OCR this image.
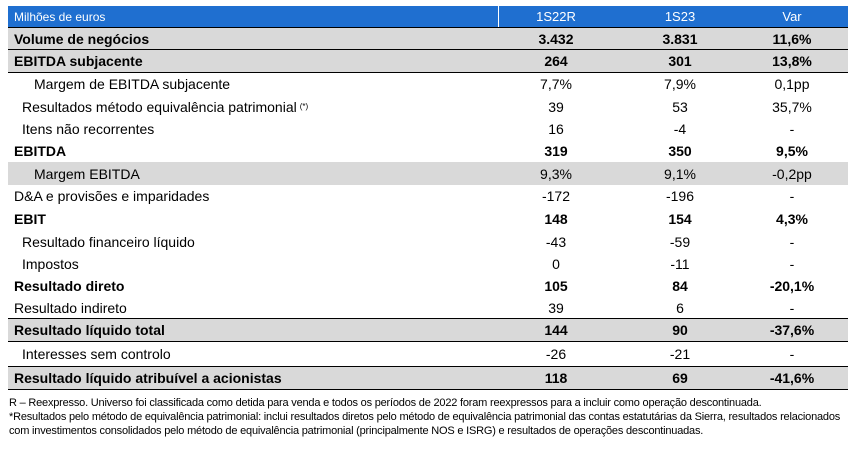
Milhões de euros	1S22R	1S23	Var
Volume de negócios	3.432	3.831	11,6%
EBITDA subjacente	264	301	13,8%
Margem de EBITDA subjacente	7,7%	7,9%	0,1pp
Resultados método equivalência patrimonial (*)	39	53	35,7%
Itens não recorrentes	16	-4	-
EBITDA	319	350	9,5%
Margem EBITDA	9,3%	9,1%	-0,2pp
D&A e provisões e imparidades	-172	-196	-
EBIT	148	154	4,3%
Resultado financeiro líquido	-43	-59	-
Impostos	0	-11	-
Resultado direto	105	84	-20,1%
Resultado indireto	39	6	-
Resultado líquido total	144	90	-37,6%
Interesses sem controlo	-26	-21	-
Resultado líquido atribuível a acionistas	118	69	-41,6%

R – Reexpresso. Universo foi classificada como detida para venda e todos os períodos de 2022 foram reexpressos para a incluir como operação descontinuada.

*Resultados pelo método de equivalência patrimonial: inclui resultados diretos pelo método de equivalência patrimonial das contas estatutárias da Sierra, resultados relacionados com investimentos consolidados pelo método de equivalência patrimonial (principalmente NOS e ISRG) e resultados de operações descontinuadas.
